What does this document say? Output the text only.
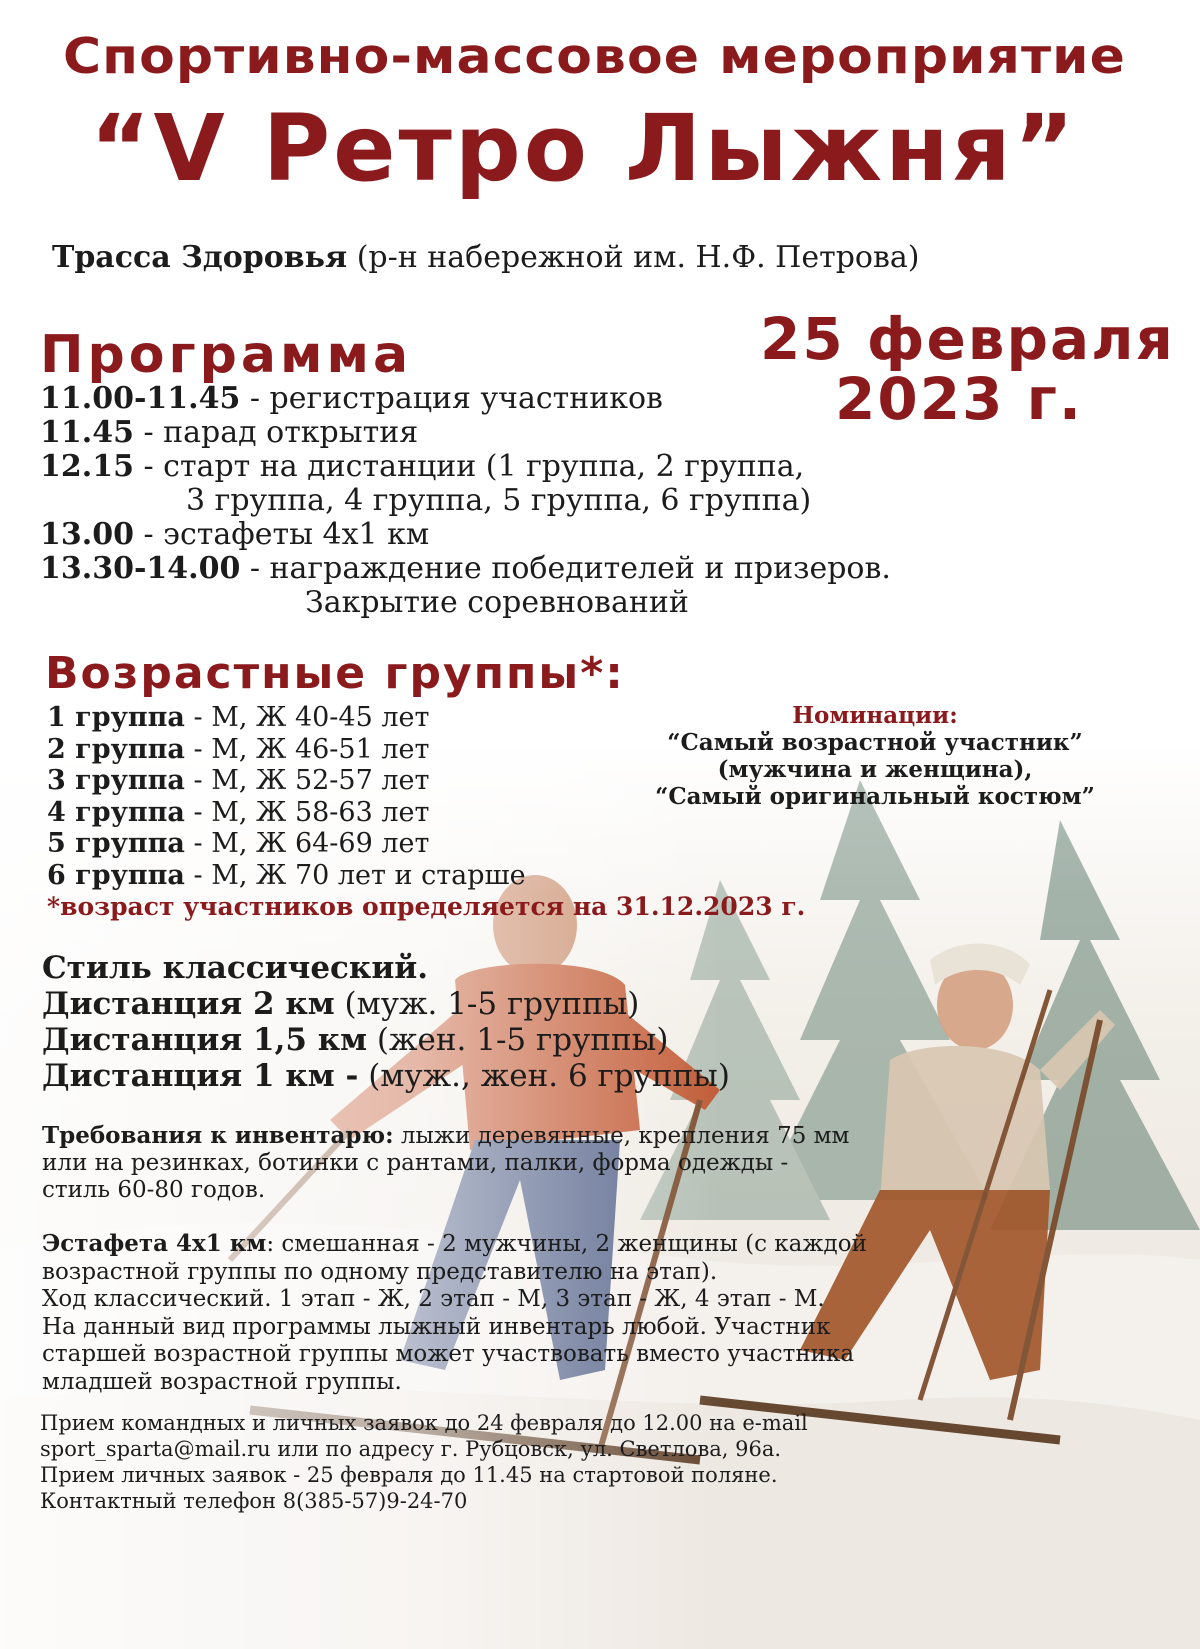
Спортивно-массовое мероприятие
“V Ретро Лыжня”
Трасса Здоровья (р-н набережной им. Н.Ф. Петрова)
25 февраля
2023 г.
Программа
11.00-11.45 - регистрация участников
11.45 - парад открытия
12.15 - старт на дистанции (1 группа, 2 группа,
3 группа, 4 группа, 5 группа, 6 группа)
13.00 - эстафеты 4х1 км
13.30-14.00 - награждение победителей и призеров.
Закрытие соревнований
Возрастные группы*:
1 группа - М, Ж 40-45 лет
2 группа - М, Ж 46-51 лет
3 группа - М, Ж 52-57 лет
4 группа - М, Ж 58-63 лет
5 группа - М, Ж 64-69 лет
6 группа - М, Ж 70 лет и старше
*возраст участников определяется на 31.12.2023 г.
Номинации:
“Самый возрастной участник”
(мужчина и женщина),
“Самый оригинальный костюм”
Стиль классический.
Дистанция 2 км (муж. 1-5 группы)
Дистанция 1,5 км (жен. 1-5 группы)
Дистанция 1 км - (муж., жен. 6 группы)
Требования к инвентарю: лыжи деревянные, крепления 75 мм
или на резинках, ботинки с рантами, палки, форма одежды -
стиль 60-80 годов.
Эстафета 4х1 км: смешанная - 2 мужчины, 2 женщины (с каждой
возрастной группы по одному представителю на этап).
Ход классический. 1 этап - Ж, 2 этап - М, 3 этап - Ж, 4 этап - М.
На данный вид программы лыжный инвентарь любой. Участник
старшей возрастной группы может участвовать вместо участника
младшей возрастной группы.
Прием командных и личных заявок до 24 февраля до 12.00 на e-mail
sport_sparta@mail.ru или по адресу г. Рубцовск, ул. Светлова, 96а.
Прием личных заявок - 25 февраля до 11.45 на стартовой поляне.
Контактный телефон 8(385-57)9-24-70
